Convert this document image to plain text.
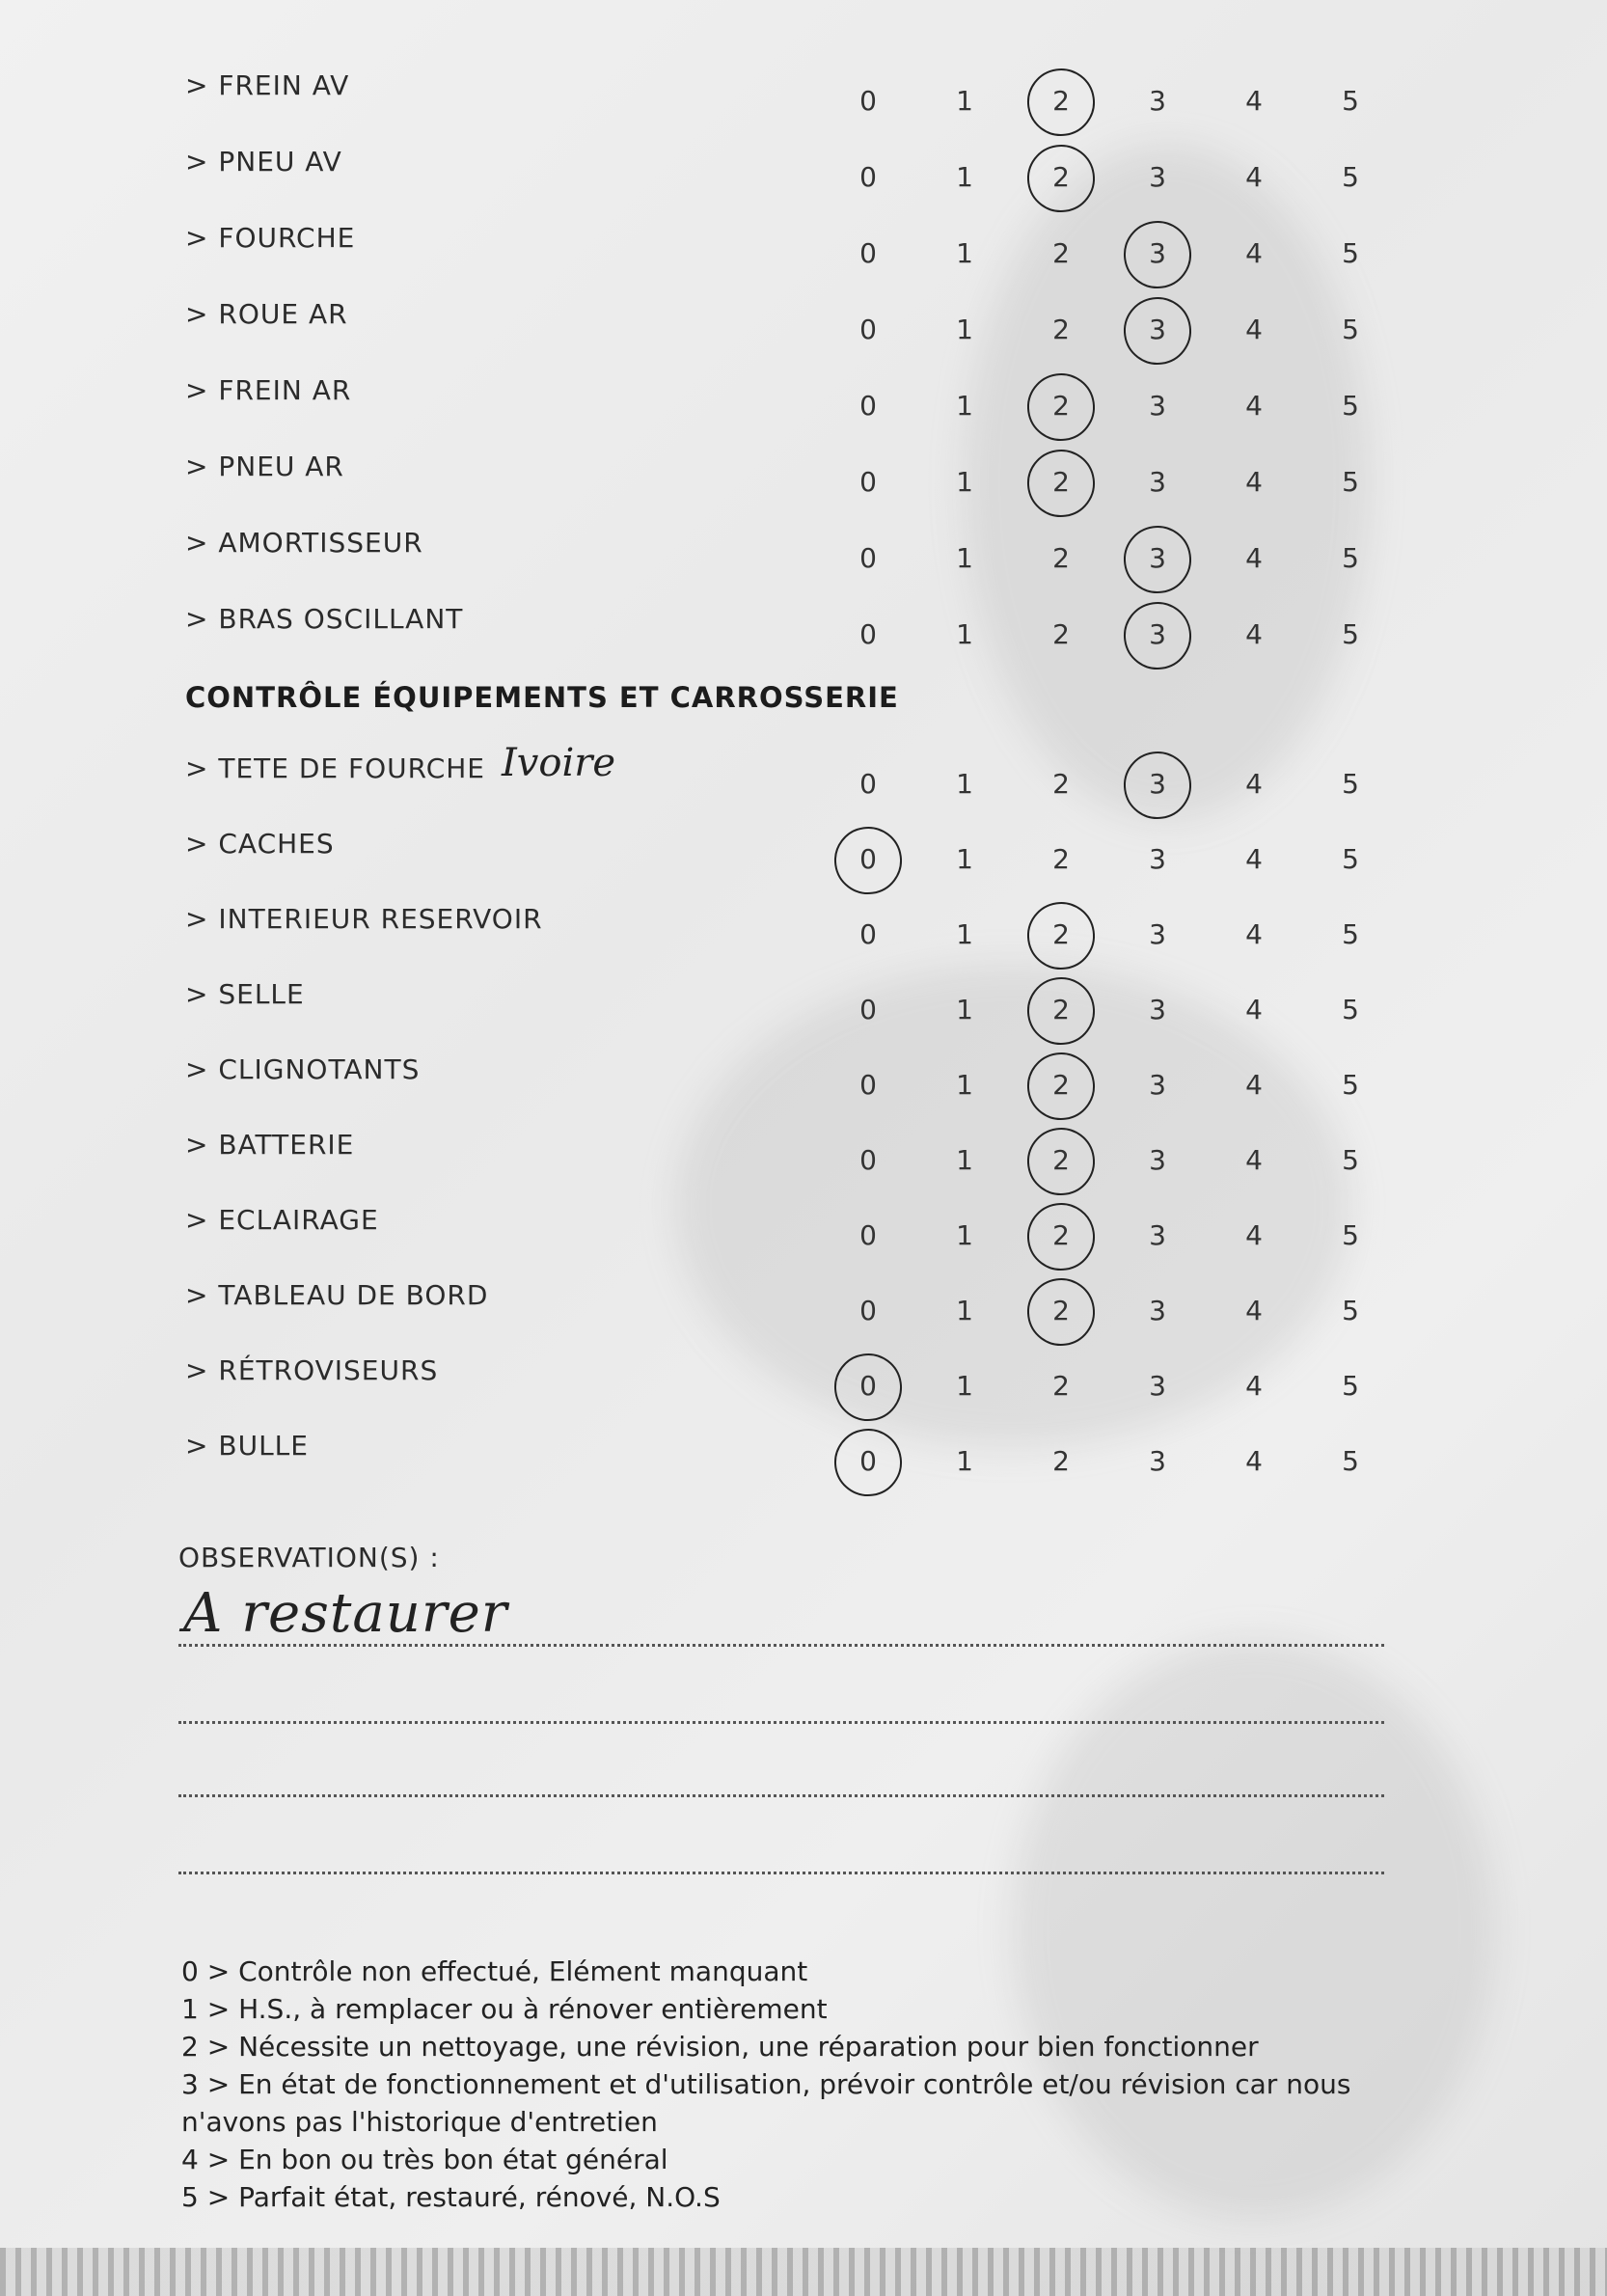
> FREIN AV	0	1	2	3	4	5
> PNEU AV	0	1	2	3	4	5
> FOURCHE	0	1	2	3	4	5
> ROUE AR	0	1	2	3	4	5
> FREIN AR	0	1	2	3	4	5
> PNEU AR	0	1	2	3	4	5
> AMORTISSEUR	0	1	2	3	4	5
> BRAS OSCILLANT	0	1	2	3	4	5
> TETE DE FOURCHE	0	1	2	3	4	5
> CACHES	0	1	2	3	4	5
> INTERIEUR RESERVOIR	0	1	2	3	4	5
> SELLE	0	1	2	3	4	5
> CLIGNOTANTS	0	1	2	3	4	5
> BATTERIE	0	1	2	3	4	5
> ECLAIRAGE	0	1	2	3	4	5
> TABLEAU DE BORD	0	1	2	3	4	5
> RÉTROVISEURS	0	1	2	3	4	5
> BULLE	0	1	2	3	4	5
CONTRÔLE ÉQUIPEMENTS ET CARROSSERIE
Ivoire
OBSERVATION(S) :
A restaurer
0 > Contrôle non effectué, Elément manquant
1 > H.S., à remplacer ou à rénover entièrement
2 > Nécessite un nettoyage, une révision, une réparation pour bien fonctionner
3 > En état de fonctionnement et d'utilisation, prévoir contrôle et/ou révision car nous n'avons pas l'historique d'entretien
4 > En bon ou très bon état général
5 > Parfait état, restauré, rénové, N.O.S
